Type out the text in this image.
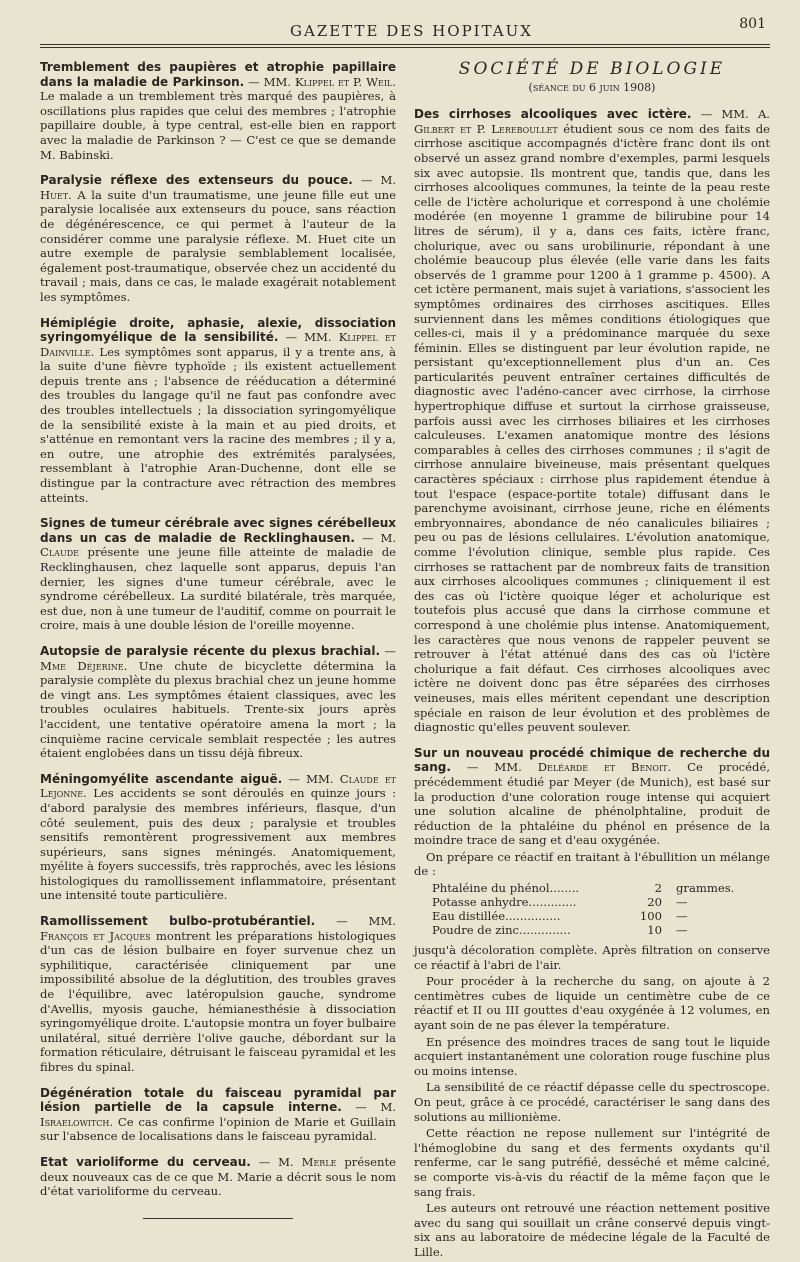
GAZETTE DES HOPITAUX	801

Tremblement des paupières et atrophie papillaire dans la maladie de Parkinson. — MM. Klippel et P. Weil. Le malade a un tremblement très marqué des paupières, à oscillations plus rapides que celui des membres ; l'atrophie papillaire double, à type central, est-elle bien en rapport avec la maladie de Parkinson ? — C'est ce que se demande M. Babinski.

Paralysie réflexe des extenseurs du pouce. — M. Huet. A la suite d'un traumatisme, une jeune fille eut une paralysie localisée aux extenseurs du pouce, sans réaction de dégénérescence, ce qui permet à l'auteur de la considérer comme une paralysie réflexe. M. Huet cite un autre exemple de paralysie semblablement localisée, également post-traumatique, observée chez un accidenté du travail ; mais, dans ce cas, le malade exagérait notablement les symptômes.

Hémiplégie droite, aphasie, alexie, dissociation syringomyélique de la sensibilité. — MM. Klippel et Dainville. Les symptômes sont apparus, il y a trente ans, à la suite d'une fièvre typhoïde ; ils existent actuellement depuis trente ans ; l'absence de rééducation a déterminé des troubles du langage qu'il ne faut pas confondre avec des troubles intellectuels ; la dissociation syringomyélique de la sensibilité existe à la main et au pied droits, et s'atténue en remontant vers la racine des membres ; il y a, en outre, une atrophie des extrémités paralysées, ressemblant à l'atrophie Aran-Duchenne, dont elle se distingue par la contracture avec rétraction des membres atteints.

Signes de tumeur cérébrale avec signes cérébelleux dans un cas de maladie de Recklinghausen. — M. Claude présente une jeune fille atteinte de maladie de Recklinghausen, chez laquelle sont apparus, depuis l'an dernier, les signes d'une tumeur cérébrale, avec le syndrome cérébelleux. La surdité bilatérale, très marquée, est due, non à une tumeur de l'auditif, comme on pourrait le croire, mais à une double lésion de l'oreille moyenne.

Autopsie de paralysie récente du plexus brachial. — Mme Déjerine. Une chute de bicyclette détermina la paralysie complète du plexus brachial chez un jeune homme de vingt ans. Les symptômes étaient classiques, avec les troubles oculaires habituels. Trente-six jours après l'accident, une tentative opératoire amena la mort ; la cinquième racine cervicale semblait respectée ; les autres étaient englobées dans un tissu déjà fibreux.

Méningomyélite ascendante aiguë. — MM. Claude et Lejonne. Les accidents se sont déroulés en quinze jours : d'abord paralysie des membres inférieurs, flasque, d'un côté seulement, puis des deux ; paralysie et troubles sensitifs remontèrent progressivement aux membres supérieurs, sans signes méningés. Anatomiquement, myélite à foyers successifs, très rapprochés, avec les lésions histologiques du ramollissement inflammatoire, présentant une intensité toute particulière.

Ramollissement bulbo-protubérantiel. — MM. François et Jacques montrent les préparations histologiques d'un cas de lésion bulbaire en foyer survenue chez un syphilitique, caractérisée cliniquement par une impossibilité absolue de la déglutition, des troubles graves de l'équilibre, avec latéropulsion gauche, syndrome d'Avellis, myosis gauche, hémianesthésie à dissociation syringomyélique droite. L'autopsie montra un foyer bulbaire unilatéral, situé derrière l'olive gauche, débordant sur la formation réticulaire, détruisant le faisceau pyramidal et les fibres du spinal.

Dégénération totale du faisceau pyramidal par lésion partielle de la capsule interne. — M. Israelowitch. Ce cas confirme l'opinion de Marie et Guillain sur l'absence de localisations dans le faisceau pyramidal.

Etat varioliforme du cerveau. — M. Merle présente deux nouveaux cas de ce que M. Marie a décrit sous le nom d'état varioliforme du cerveau.

SOCIÉTÉ DE BIOLOGIE
(séance du 6 juin 1908)

Des cirrhoses alcooliques avec ictère. — MM. A. Gilbert et P. Lereboullet étudient sous ce nom des faits de cirrhose ascitique accompagnés d'ictère franc dont ils ont observé un assez grand nombre d'exemples, parmi lesquels six avec autopsie. Ils montrent que, tandis que, dans les cirrhoses alcooliques communes, la teinte de la peau reste celle de l'ictère acholurique et correspond à une cholémie modérée (en moyenne 1 gramme de bilirubine pour 14 litres de sérum), il y a, dans ces faits, ictère franc, cholurique, avec ou sans urobilinurie, répondant à une cholémie beaucoup plus élevée (elle varie dans les faits observés de 1 gramme pour 1200 à 1 gramme p. 4500). A cet ictère permanent, mais sujet à variations, s'associent les symptômes ordinaires des cirrhoses ascitiques. Elles surviennent dans les mêmes conditions étiologiques que celles-ci, mais il y a prédominance marquée du sexe féminin. Elles se distinguent par leur évolution rapide, ne persistant qu'exceptionnellement plus d'un an. Ces particularités peuvent entraîner certaines difficultés de diagnostic avec l'adéno-cancer avec cirrhose, la cirrhose hypertrophique diffuse et surtout la cirrhose graisseuse, parfois aussi avec les cirrhoses biliaires et les cirrhoses calculeuses. L'examen anatomique montre des lésions comparables à celles des cirrhoses communes ; il s'agit de cirrhose annulaire biveineuse, mais présentant quelques caractères spéciaux : cirrhose plus rapidement étendue à tout l'espace (espace-portite totale) diffusant dans le parenchyme avoisinant, cirrhose jeune, riche en éléments embryonnaires, abondance de néo canalicules biliaires ; peu ou pas de lésions cellulaires. L'évolution anatomique, comme l'évolution clinique, semble plus rapide. Ces cirrhoses se rattachent par de nombreux faits de transition aux cirrhoses alcooliques communes ; cliniquement il est des cas où l'ictère quoique léger et acholurique est toutefois plus accusé que dans la cirrhose commune et correspond à une cholémie plus intense. Anatomiquement, les caractères que nous venons de rappeler peuvent se retrouver à l'état atténué dans des cas où l'ictère cholurique a fait défaut. Ces cirrhoses alcooliques avec ictère ne doivent donc pas être séparées des cirrhoses veineuses, mais elles méritent cependant une description spéciale en raison de leur évolution et des problèmes de diagnostic qu'elles peuvent soulever.

Sur un nouveau procédé chimique de recherche du sang. — MM. Deléarde et Benoit. Ce procédé, précédemment étudié par Meyer (de Munich), est basé sur la production d'une coloration rouge intense qui acquiert une solution alcaline de phénolphtaline, produit de réduction de la phtaléine du phénol en présence de la moindre trace de sang et d'eau oxygénée.

On prépare ce réactif en traitant à l'ébullition un mélange de :

Phtaléine du phénol........	2	grammes.
Potasse anhydre.............	20	—
Eau distillée...............	100	—
Poudre de zinc..............	10	—

jusqu'à décoloration complète. Après filtration on conserve ce réactif à l'abri de l'air.

Pour procéder à la recherche du sang, on ajoute à 2 centimètres cubes de liquide un centimètre cube de ce réactif et II ou III gouttes d'eau oxygénée à 12 volumes, en ayant soin de ne pas élever la température.

En présence des moindres traces de sang tout le liquide acquiert instantanément une coloration rouge fuschine plus ou moins intense.

La sensibilité de ce réactif dépasse celle du spectroscope. On peut, grâce à ce procédé, caractériser le sang dans des solutions au millionième.

Cette réaction ne repose nullement sur l'intégrité de l'hémoglobine du sang et des ferments oxydants qu'il renferme, car le sang putréfié, desséché et même calciné, se comporte vis-à-vis du réactif de la même façon que le sang frais.

Les auteurs ont retrouvé une réaction nettement positive avec du sang qui souillait un crâne conservé depuis vingt-six ans au laboratoire de médecine légale de la Faculté de Lille.
